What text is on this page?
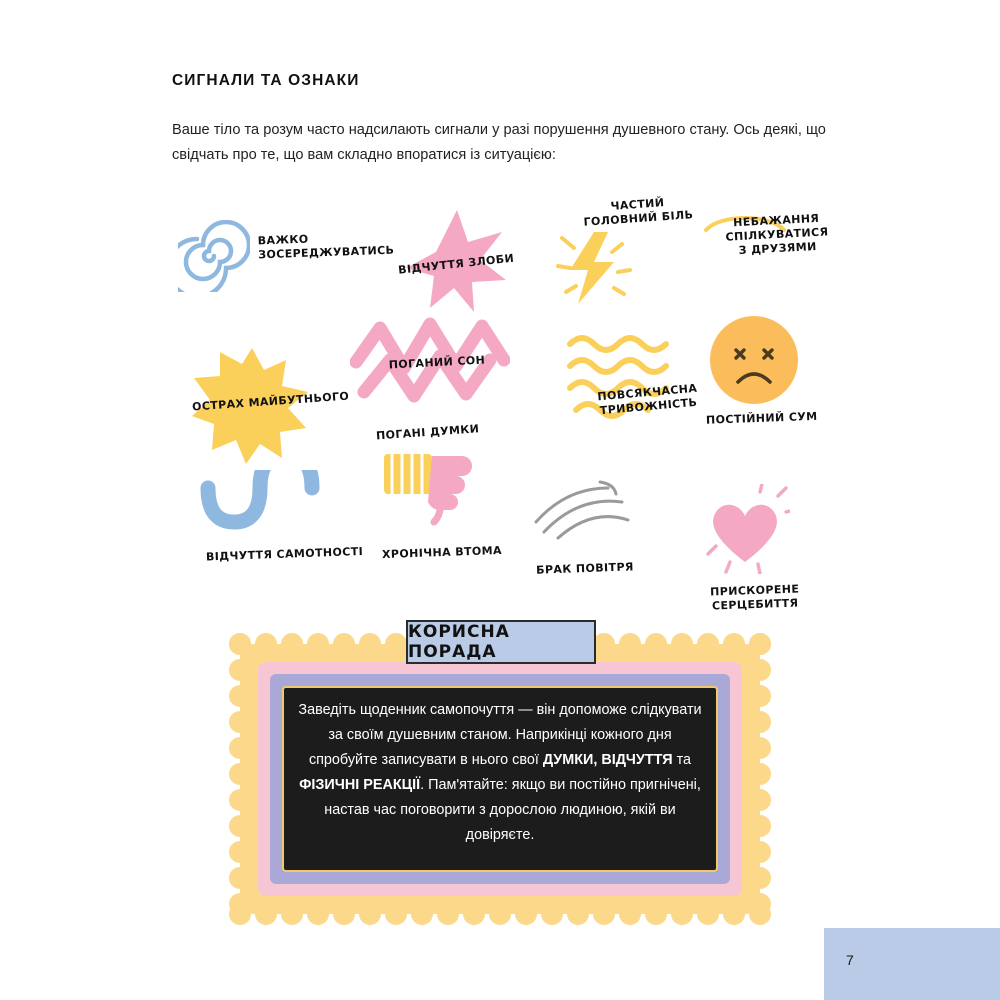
СИГНАЛИ ТА ОЗНАКИ
Ваше тіло та розум часто надсилають сигнали у разі порушення душевного стану. Ось деякі, що свідчать про те, що вам складно впоратися із ситуацією:
ВАЖКО
ЗОСЕРЕДЖУВАТИСЬ ВІДЧУТТЯ ЗЛОБИ
ЧАСТИЙ
ГОЛОВНИЙ БІЛЬ	НЕБАЖАННЯ
СПІЛКУВАТИСЯ
З ДРУЗЯМИ
ОСТРАХ МАЙБУТНЬОГО
ПОГАНИЙ СОН
ПОВСЯКЧАСНА
ТРИВОЖНІСТЬ
ПОСТІЙНИЙ СУМ
ПОГАНІ ДУМКИ
ВІДЧУТТЯ САМОТНОСТІ ХРОНІЧНА ВТОМА
БРАК ПОВІТРЯ
ПРИСКОРЕНЕ
СЕРЦЕБИТТЯ
Заведіть щоденник самопочуття — він допоможе слідкувати за своїм душевним станом. Наприкінці кожного дня спробуйте записувати в нього свої ДУМКИ, ВІДЧУТТЯ та ФІЗИЧНІ РЕАКЦІЇ. Пам'ятайте: якщо ви постійно пригнічені, настав час поговорити з дорослою людиною, якій ви довіряєте.
КОРИСНА ПОРАДА
7
